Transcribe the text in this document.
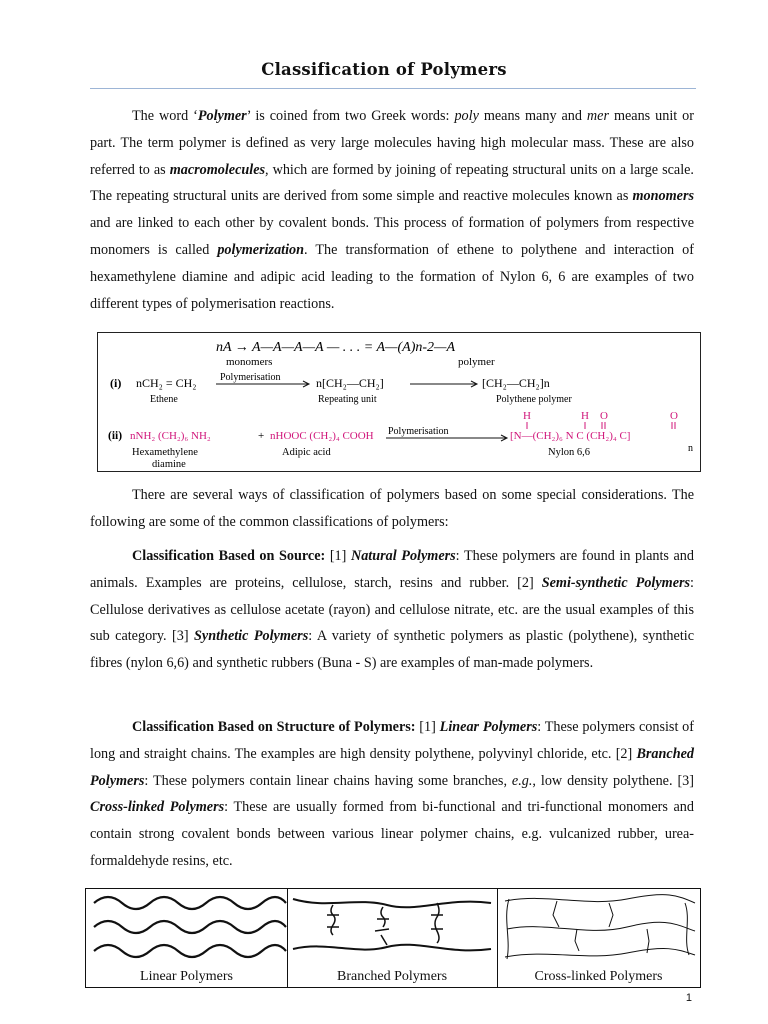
Classification of Polymers

The word ‘Polymer’ is coined from two Greek words: poly means many and mer means unit or part. The term polymer is defined as very large molecules having high molecular mass. These are also referred to as macromolecules, which are formed by joining of repeating structural units on a large scale. The repeating structural units are derived from some simple and reactive molecules known as monomers and are linked to each other by covalent bonds. This process of formation of polymers from respective monomers is called polymerization. The transformation of ethene to polythene and interaction of hexamethylene diamine and adipic acid leading to the formation of Nylon 6, 6 are examples of two different types of polymerisation reactions.

nA → A—A—A—A — . . . = A—(A)n-2—A
monomers	polymer
(i) nCH₂ = CH₂ Polymerisation	n[CH₂—CH₂]	[CH₂—CH₂]n
Ethene	Repeating unit	Polythene polymer
H	H O	O
(ii) nNH₂ (CH₂)₆ NH₂	+ nHOOC (CH₂)₄ COOH Polymerisation	[N—(CH₂)₆ N C (CH₂)₄ C]
n
Hexamethylene
diamine
Adipic acid	Nylon 6,6

There are several ways of classification of polymers based on some special considerations. The following are some of the common classifications of polymers:

Classification Based on Source: [1] Natural Polymers: These polymers are found in plants and animals. Examples are proteins, cellulose, starch, resins and rubber. [2] Semi-synthetic Polymers: Cellulose derivatives as cellulose acetate (rayon) and cellulose nitrate, etc. are the usual examples of this sub category. [3] Synthetic Polymers: A variety of synthetic polymers as plastic (polythene), synthetic fibres (nylon 6,6) and synthetic rubbers (Buna - S) are examples of man-made polymers.

Classification Based on Structure of Polymers: [1] Linear Polymers: These polymers consist of long and straight chains. The examples are high density polythene, polyvinyl chloride, etc. [2] Branched Polymers: These polymers contain linear chains having some branches, e.g., low density polythene. [3] Cross-linked Polymers: These are usually formed from bi-functional and tri-functional monomers and contain strong covalent bonds between various linear polymer chains, e.g. vulcanized rubber, urea-formaldehyde resins, etc.

Linear Polymers	Branched Polymers	Cross-linked Polymers
1
